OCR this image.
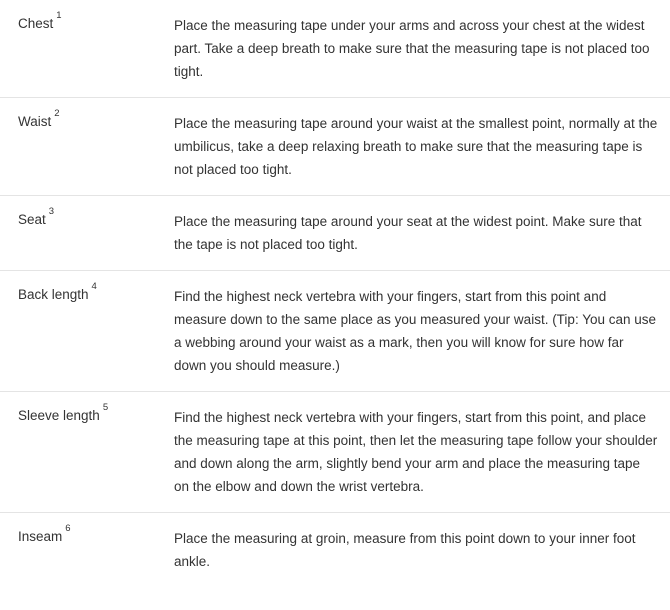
Chest$^1$	Place the measuring tape under your arms and across your chest at the widest part. Take a deep breath to make sure that the measuring tape is not placed too tight.
Waist$^2$	Place the measuring tape around your waist at the smallest point, normally at the umbilicus, take a deep relaxing breath to make sure that the measuring tape is not placed too tight.
Seat$^3$	Place the measuring tape around your seat at the widest point. Make sure that the tape is not placed too tight.
Back length$^4$	Find the highest neck vertebra with your fingers, start from this point and measure down to the same place as you measured your waist. (Tip: You can use a webbing around your waist as a mark, then you will know for sure how far down you should measure.)
Sleeve length$^5$	Find the highest neck vertebra with your fingers, start from this point, and place the measuring tape at this point, then let the measuring tape follow your shoulder and down along the arm, slightly bend your arm and place the measuring tape on the elbow and down the wrist vertebra.
Inseam$^6$	Place the measuring at groin, measure from this point down to your inner foot ankle.
